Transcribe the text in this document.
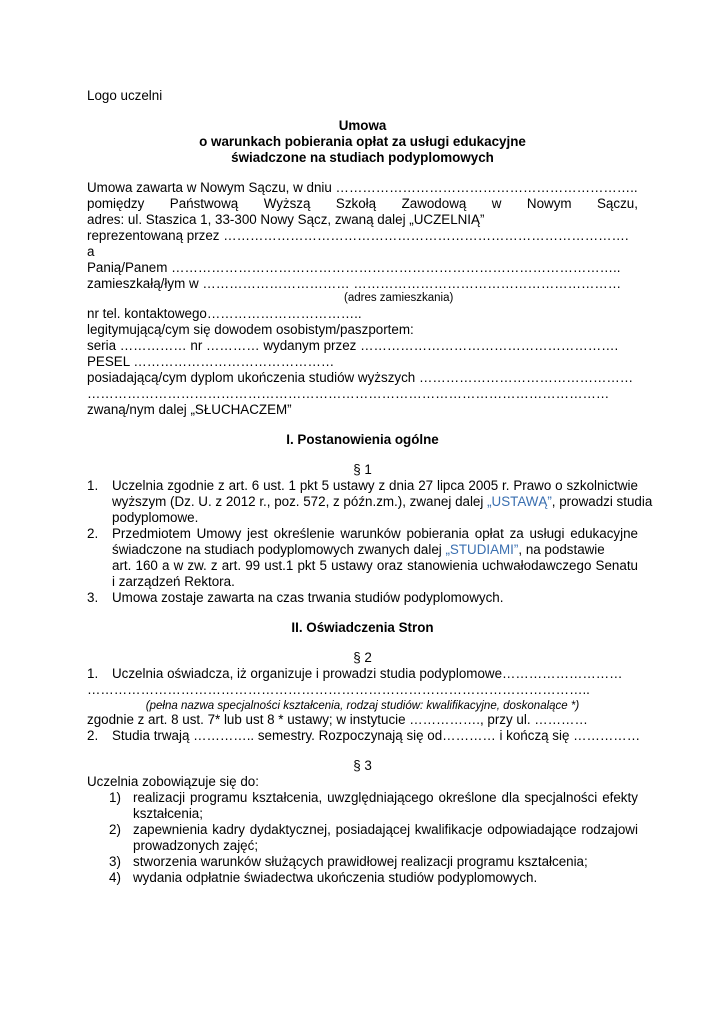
Logo uczelni
Umowa
o warunkach pobierania opłat za usługi edukacyjne
świadczone na studiach podyplomowych
Umowa zawarta w Nowym Sączu, w dniu …………………………………………………………..
pomiędzy Państwową Wyższą Szkołą Zawodową w Nowym Sączu,
adres: ul. Staszica 1, 33-300 Nowy Sącz, zwaną dalej „UCZELNIĄ”
reprezentowaną przez ……………………………………………………………………………….
a
Panią/Panem ………………………………………………………………………………………..
zamieszkałą/łym w …………………………… ……………………………………………………
(adres zamieszkania)
nr tel. kontaktowego……………………………..
legitymującą/cym się dowodem osobistym/paszportem:
seria …………… nr ………… wydanym przez ………………………………………………….
PESEL ………………………………………
posiadającą/cym dyplom ukończenia studiów wyższych …………………………………………
………………………………………………………………………………………………………
zwaną/nym dalej „SŁUCHACZEM”
I. Postanowienia ogólne
§ 1
1. Uczelnia zgodnie z art. 6 ust. 1 pkt 5 ustawy z dnia 27 lipca 2005 r. Prawo o szkolnictwie
wyższym (Dz. U. z 2012 r., poz. 572, z późn.zm.), zwanej dalej „USTAWĄ”, prowadzi studia
podyplomowe.
2. Przedmiotem Umowy jest określenie warunków pobierania opłat za usługi edukacyjne
świadczone na studiach podyplomowych zwanych dalej „STUDIAMI”, na podstawie
art. 160 a w zw. z art. 99 ust.1 pkt 5 ustawy oraz stanowienia uchwałodawczego Senatu
i zarządzeń Rektora.
3. Umowa zostaje zawarta na czas trwania studiów podyplomowych.
II. Oświadczenia Stron
§ 2
1. Uczelnia oświadcza, iż organizuje i prowadzi studia podyplomowe………………………
…………………………………………………………………………………………………..
(pełna nazwa specjalności kształcenia, rodzaj studiów: kwalifikacyjne, doskonalące *)
zgodnie z art. 8 ust. 7* lub ust 8 * ustawy; w instytucie ……………., przy ul. …………
2. Studia trwają ………….. semestry. Rozpoczynają się od………… i kończą się ……………
§ 3
Uczelnia zobowiązuje się do:
1) realizacji programu kształcenia, uwzględniającego określone dla specjalności efekty
kształcenia;
2) zapewnienia kadry dydaktycznej, posiadającej kwalifikacje odpowiadające rodzajowi
prowadzonych zajęć;
3) stworzenia warunków służących prawidłowej realizacji programu kształcenia;
4) wydania odpłatnie świadectwa ukończenia studiów podyplomowych.
